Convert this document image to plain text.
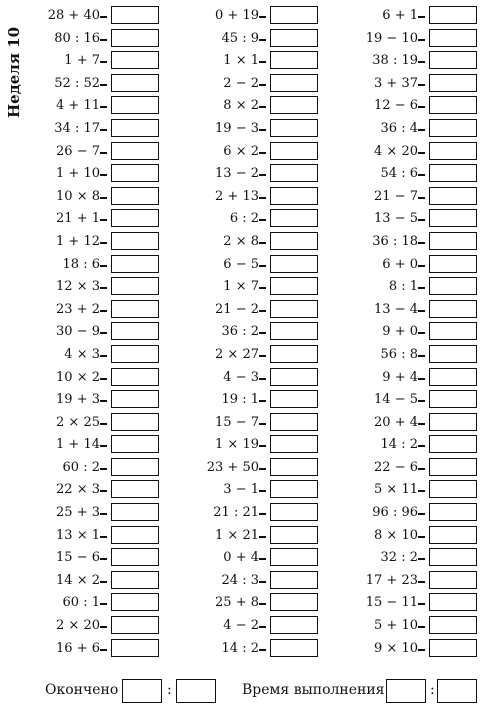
Неделя 10
28 + 40
80 : 16
1 + 7
52 : 52
4 + 11
34 : 17
26 − 7
1 + 10
10 × 8
21 + 1
1 + 12
18 : 6
12 × 3
23 + 2
30 − 9
4 × 3
10 × 2
19 + 3
2 × 25
1 + 14
60 : 2
22 × 3
25 + 3
13 × 1
15 − 6
14 × 2
60 : 1
2 × 20
16 + 6
0 + 19
45 : 9
1 × 1
2 − 2
8 × 2
19 − 3
6 × 2
13 − 2
2 + 13
6 : 2
2 × 8
6 − 5
1 × 7
21 − 2
36 : 2
2 × 27
4 − 3
19 : 1
15 − 7
1 × 19
23 + 50
3 − 1
21 : 21
1 × 21
0 + 4
24 : 3
25 + 8
4 − 2
14 : 2
6 + 1
19 − 10
38 : 19
3 + 37
12 − 6
36 : 4
4 × 20
54 : 6
21 − 7
13 − 5
36 : 18
6 + 0
8 : 1
13 − 4
9 + 0
56 : 8
9 + 4
14 − 5
20 + 4
14 : 2
22 − 6
5 × 11
96 : 96
8 × 10
32 : 2
17 + 23
15 − 11
5 + 10
9 × 10
Окончено	:	Время выполнения	:
